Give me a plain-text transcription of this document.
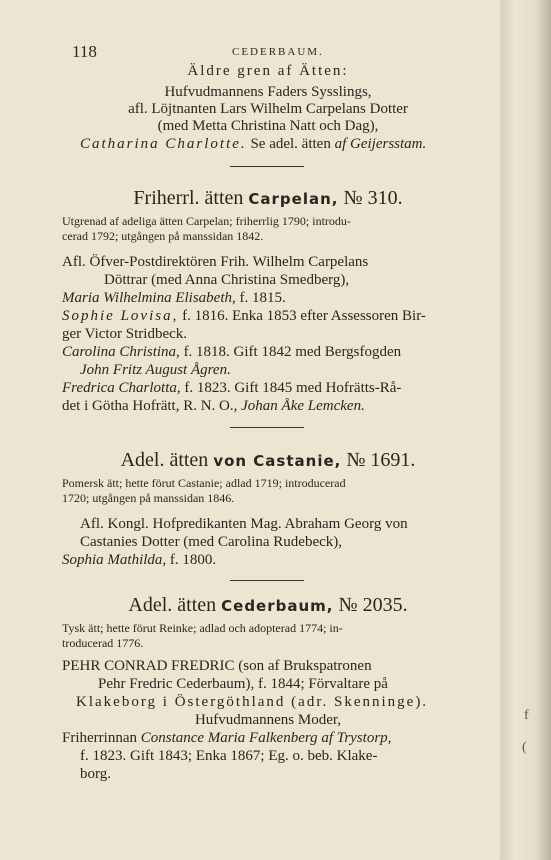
118	CEDERBAUM.
Äldre gren af Ätten:
Hufvudmannens Faders Sysslings,
afl. Löjtnanten Lars Wilhelm Carpelans Dotter
(med Metta Christina Natt och Dag),
Catharina Charlotte. Se adel. ätten af Geijersstam.
Friherrl. ätten Carpelan, № 310.
Utgrenad af adeliga ätten Carpelan; friherrlig 1790; introdu-
cerad 1792; utgången på manssidan 1842.
Afl. Öfver-Postdirektören Frih. Wilhelm Carpelans
Döttrar (med Anna Christina Smedberg),
Maria Wilhelmina Elisabeth, f. 1815.
Sophie Lovisa, f. 1816. Enka 1853 efter Assessoren Bir-
ger Victor Stridbeck.
Carolina Christina, f. 1818. Gift 1842 med Bergsfogden
John Fritz August Ågren.
Fredrica Charlotta, f. 1823. Gift 1845 med Hofrätts-Rå-
det i Götha Hofrätt, R. N. O., Johan Åke Lemcken.
Adel. ätten von Castanie, № 1691.
Pomersk ätt; hette förut Castanie; adlad 1719; introducerad
1720; utgången på manssidan 1846.
Afl. Kongl. Hofpredikanten Mag. Abraham Georg von
Castanies Dotter (med Carolina Rudebeck),
Sophia Mathilda, f. 1800.
Adel. ätten Cederbaum, № 2035.
Tysk ätt; hette förut Reinke; adlad och adopterad 1774; in-
troducerad 1776.
PEHR CONRAD FREDRIC (son af Brukspatronen
Pehr Fredric Cederbaum), f. 1844; Förvaltare på
Klakeborg i Östergöthland (adr. Skenninge).
Hufvudmannens Moder,
Friherrinnan Constance Maria Falkenberg af Trystorp,
f. 1823. Gift 1843; Enka 1867; Eg. o. beb. Klake-
borg.
f
(
